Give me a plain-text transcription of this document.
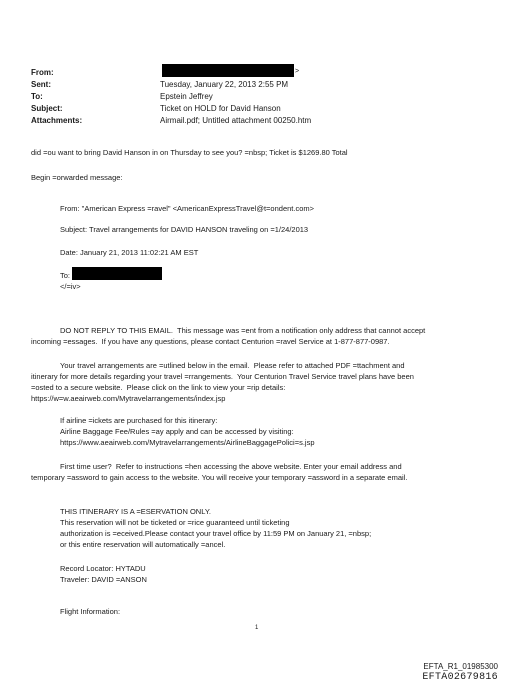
From:
Sent:
To:
Subject:
Attachments:
>
Tuesday, January 22, 2013 2:55 PM
Epstein Jeffrey
Ticket on HOLD for David Hanson
Airmail.pdf; Untitled attachment 00250.htm
did =ou want to bring David Hanson in on Thursday to see you? =nbsp; Ticket is $1269.80 Total
Begin =orwarded message:
From: "American Express =ravel" <AmericanExpressTravel@t=ondent.com>
Subject: Travel arrangements for DAVID HANSON traveling on =1/24/2013
Date: January 21, 2013 11:02:21 AM EST
To:
</=iv>
DO NOT REPLY TO THIS EMAIL.  This message was =ent from a notification only address that cannot accept
incoming =essages.  If you have any questions, please contact Centurion =ravel Service at 1-877-877-0987.
Your travel arrangements are =utlined below in the email.  Please refer to attached PDF =ttachment and
itinerary for more details regarding your travel =rrangements.  Your Centurion Travel Service travel plans have been
=osted to a secure website.  Please click on the link to view your =rip details:
https://w=w.aeairweb.com/Mytravelarrangements/index.jsp
If airline =ickets are purchased for this itinerary:
Airline Baggage Fee/Rules =ay apply and can be accessed by visiting:
https://www.aeairweb.com/Mytravelarrangements/AirlineBaggagePolici=s.jsp
First time user?  Refer to instructions =hen accessing the above website. Enter your email address and
temporary =assword to gain access to the website. You will receive your temporary =assword in a separate email.
THIS ITINERARY IS A =ESERVATION ONLY.
This reservation will not be ticketed or =rice guaranteed until ticketing
authorization is =eceived.Please contact your travel office by 11:59 PM on January 21, =nbsp;
or this entire reservation will automatically =ancel.
Record Locator: HYTADU
Traveler: DAVID =ANSON
Flight Information:
1
EFTA_R1_01985300
EFTA02679816
